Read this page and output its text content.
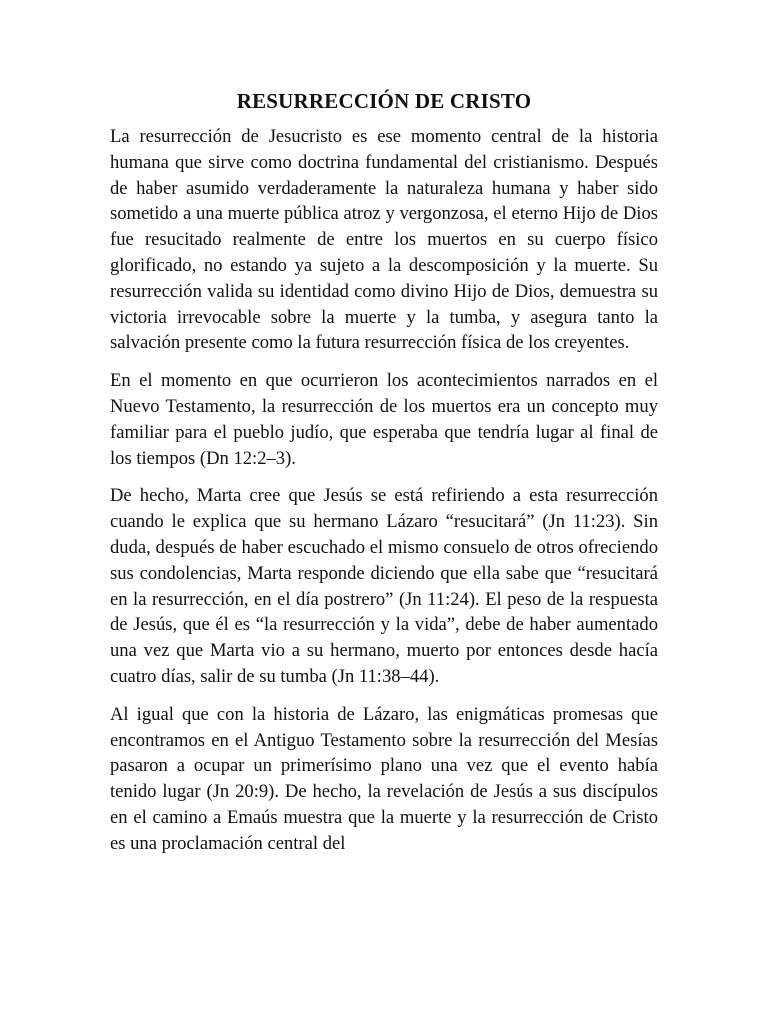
RESURRECCIÓN DE CRISTO

La resurrección de Jesucristo es ese momento central de la historia humana que sirve como doctrina fundamental del cristianismo. Después de haber asumido verdaderamente la naturaleza humana y haber sido sometido a una muerte pública atroz y vergonzosa, el eterno Hijo de Dios fue resucitado realmente de entre los muertos en su cuerpo físico glorificado, no estando ya sujeto a la descomposición y la muerte. Su resurrección valida su identidad como divino Hijo de Dios, demuestra su victoria irrevocable sobre la muerte y la tumba, y asegura tanto la salvación presente como la futura resurrección física de los creyentes.

En el momento en que ocurrieron los acontecimientos narrados en el Nuevo Testamento, la resurrección de los muertos era un concepto muy familiar para el pueblo judío, que esperaba que tendría lugar al final de los tiempos (Dn 12:2–3).

De hecho, Marta cree que Jesús se está refiriendo a esta resurrección cuando le explica que su hermano Lázaro “resucitará” (Jn 11:23). Sin duda, después de haber escuchado el mismo consuelo de otros ofreciendo sus condolencias, Marta responde diciendo que ella sabe que “resucitará en la resurrección, en el día postrero” (Jn 11:24). El peso de la respuesta de Jesús, que él es “la resurrección y la vida”, debe de haber aumentado una vez que Marta vio a su hermano, muerto por entonces desde hacía cuatro días, salir de su tumba (Jn 11:38–44).

Al igual que con la historia de Lázaro, las enigmáticas promesas que encontramos en el Antiguo Testamento sobre la resurrección del Mesías pasaron a ocupar un primerísimo plano una vez que el evento había tenido lugar (Jn 20:9). De hecho, la revelación de Jesús a sus discípulos en el camino a Emaús muestra que la muerte y la resurrección de Cristo es una proclamación central del
